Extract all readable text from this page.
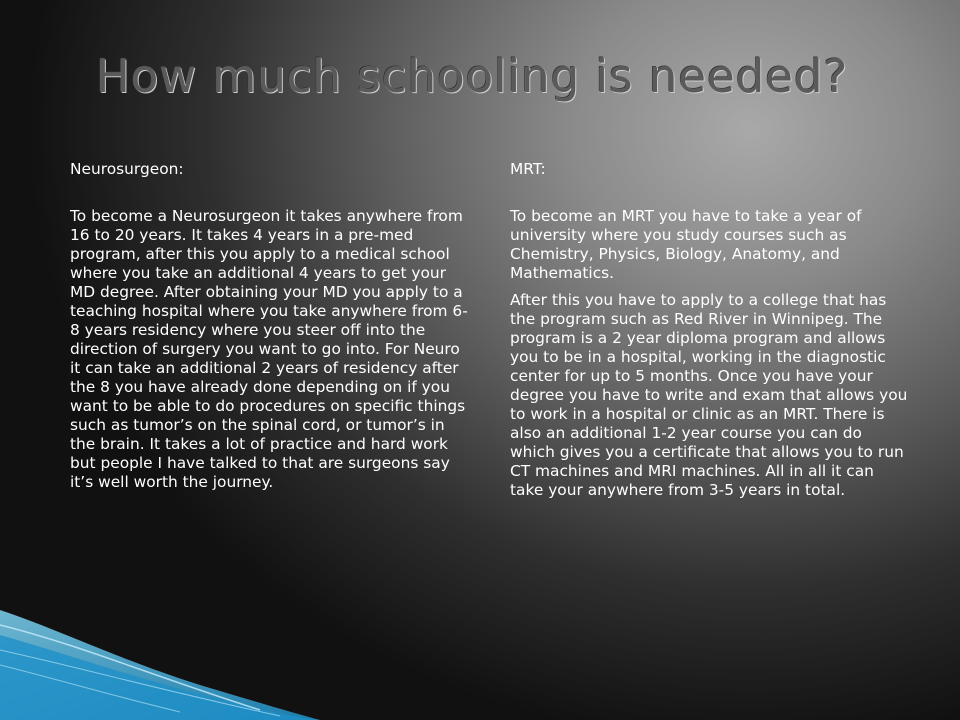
How much schooling is needed?

Neurosurgeon:

To become a Neurosurgeon it takes anywhere from 16 to 20 years. It takes 4 years in a pre-med program, after this you apply to a medical school where you take an additional 4 years to get your MD degree. After obtaining your MD you apply to a teaching hospital where you take anywhere from 6-8 years residency where you steer off into the direction of surgery you want to go into. For Neuro it can take an additional 2 years of residency after the 8 you have already done depending on if you want to be able to do procedures on specific things such as tumor’s on the spinal cord, or tumor’s in the brain. It takes a lot of practice and hard work but people I have talked to that are surgeons say it’s well worth the journey.

MRT:

To become an MRT you have to take a year of university where you study courses such as Chemistry, Physics, Biology, Anatomy, and Mathematics.

After this you have to apply to a college that has the program such as Red River in Winnipeg. The program is a 2 year diploma program and allows you to be in a hospital, working in the diagnostic center for up to 5 months. Once you have your degree you have to write and exam that allows you to work in a hospital or clinic as an MRT. There is also an additional 1-2 year course you can do which gives you a certificate that allows you to run CT machines and MRI machines. All in all it can take your anywhere from 3-5 years in total.
